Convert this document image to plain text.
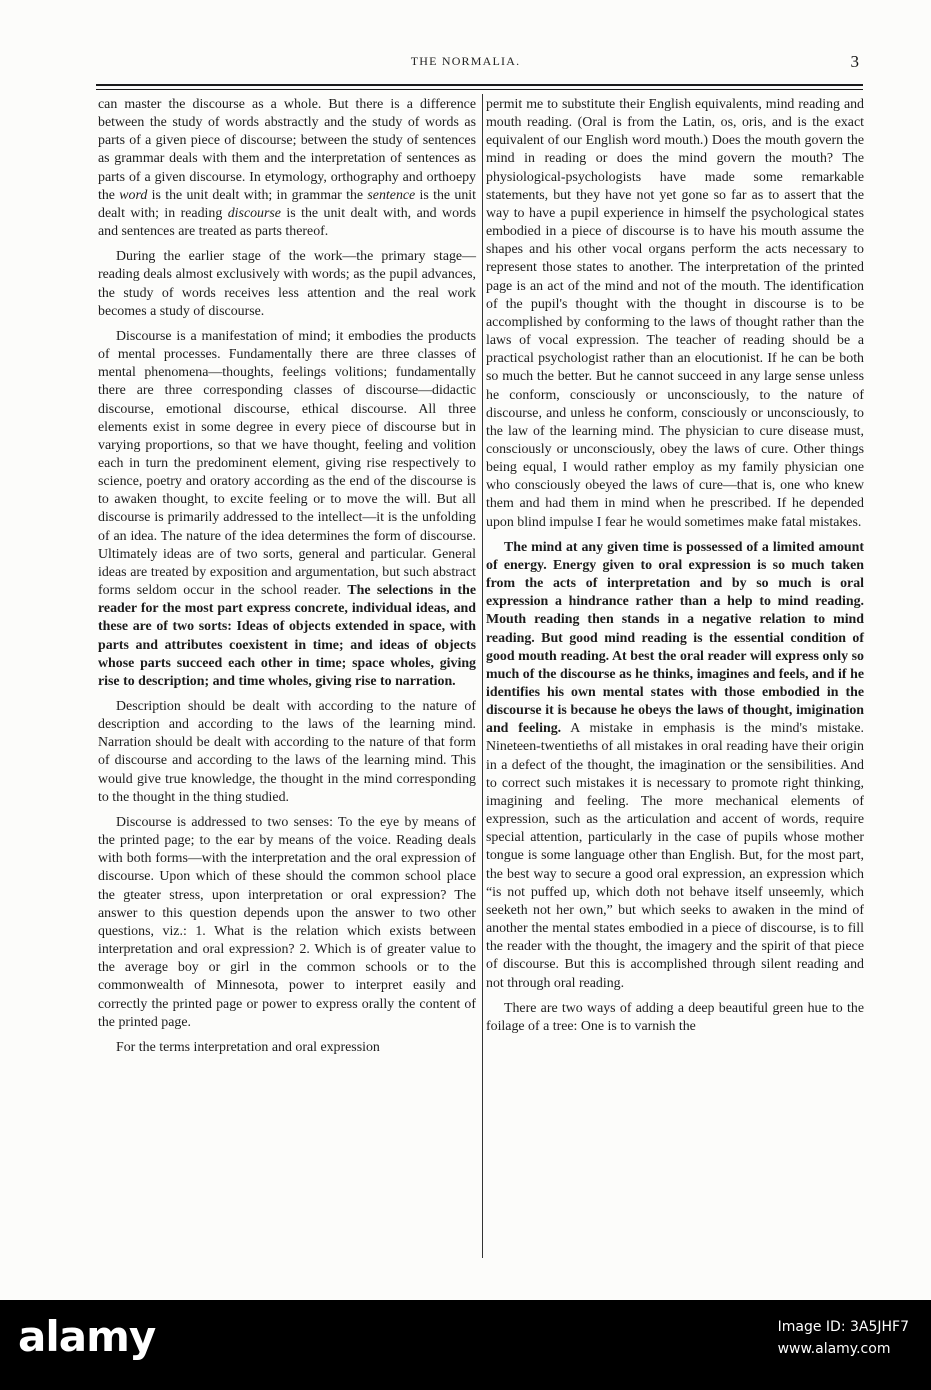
THE NORMALIA.	3

can master the discourse as a whole. But there is a difference between the study of words abstractly and the study of words as parts of a given piece of discourse; between the study of sentences as grammar deals with them and the interpretation of sentences as parts of a given discourse. In etymology, orthography and orthoepy the word is the unit dealt with; in grammar the sentence is the unit dealt with; in reading discourse is the unit dealt with, and words and sentences are treated as parts thereof.

During the earlier stage of the work—the primary stage—reading deals almost exclusively with words; as the pupil advances, the study of words receives less attention and the real work becomes a study of discourse.

Discourse is a manifestation of mind; it embodies the products of mental processes. Fundamentally there are three classes of mental phenomena—thoughts, feelings volitions; fundamentally there are three corresponding classes of discourse—didactic discourse, emotional discourse, ethical discourse. All three elements exist in some degree in every piece of discourse but in varying proportions, so that we have thought, feeling and volition each in turn the predominent element, giving rise respectively to science, poetry and oratory according as the end of the discourse is to awaken thought, to excite feeling or to move the will. But all discourse is primarily addressed to the intellect—it is the unfolding of an idea. The nature of the idea determines the form of discourse. Ultimately ideas are of two sorts, general and particular. General ideas are treated by exposition and argumentation, but such abstract forms seldom occur in the school reader. The selections in the reader for the most part express concrete, individual ideas, and these are of two sorts: Ideas of objects extended in space, with parts and attributes coexistent in time; and ideas of objects whose parts succeed each other in time; space wholes, giving rise to description; and time wholes, giving rise to narration.

Description should be dealt with according to the nature of description and according to the laws of the learning mind. Narration should be dealt with according to the nature of that form of discourse and according to the laws of the learning mind. This would give true knowledge, the thought in the mind corresponding to the thought in the thing studied.

Discourse is addressed to two senses: To the eye by means of the printed page; to the ear by means of the voice. Reading deals with both forms—with the interpretation and the oral expression of discourse. Upon which of these should the common school place the gteater stress, upon interpretation or oral expression? The answer to this question depends upon the answer to two other questions, viz.: 1. What is the relation which exists between interpretation and oral expression? 2. Which is of greater value to the average boy or girl in the common schools or to the commonwealth of Minnesota, power to interpret easily and correctly the printed page or power to express orally the content of the printed page.

For the terms interpretation and oral expression

permit me to substitute their English equivalents, mind reading and mouth reading. (Oral is from the Latin, os, oris, and is the exact equivalent of our English word mouth.) Does the mouth govern the mind in reading or does the mind govern the mouth? The physiological-psychologists have made some remarkable statements, but they have not yet gone so far as to assert that the way to have a pupil experience in himself the psychological states embodied in a piece of discourse is to have his mouth assume the shapes and his other vocal organs perform the acts necessary to represent those states to another. The interpretation of the printed page is an act of the mind and not of the mouth. The identification of the pupil's thought with the thought in discourse is to be accomplished by conforming to the laws of thought rather than the laws of vocal expression. The teacher of reading should be a practical psychologist rather than an elocutionist. If he can be both so much the better. But he cannot succeed in any large sense unless he conform, consciously or unconsciously, to the nature of discourse, and unless he conform, consciously or unconsciously, to the law of the learning mind. The physician to cure disease must, consciously or unconsciously, obey the laws of cure. Other things being equal, I would rather employ as my family physician one who consciously obeyed the laws of cure—that is, one who knew them and had them in mind when he prescribed. If he depended upon blind impulse I fear he would sometimes make fatal mistakes.

The mind at any given time is possessed of a limited amount of energy. Energy given to oral expression is so much taken from the acts of interpretation and by so much is oral expression a hindrance rather than a help to mind reading. Mouth reading then stands in a negative relation to mind reading. But good mind reading is the essential condition of good mouth reading. At best the oral reader will express only so much of the discourse as he thinks, imagines and feels, and if he identifies his own mental states with those embodied in the discourse it is because he obeys the laws of thought, imigination and feeling. A mistake in emphasis is the mind's mistake. Nineteen-twentieths of all mistakes in oral reading have their origin in a defect of the thought, the imagination or the sensibilities. And to correct such mistakes it is necessary to promote right thinking, imagining and feeling. The more mechanical elements of expression, such as the articulation and accent of words, require special attention, particularly in the case of pupils whose mother tongue is some language other than English. But, for the most part, the best way to secure a good oral expression, an expression which “is not puffed up, which doth not behave itself unseemly, which seeketh not her own,” but which seeks to awaken in the mind of another the mental states embodied in a piece of discourse, is to fill the reader with the thought, the imagery and the spirit of that piece of discourse. But this is accomplished through silent reading and not through oral reading.

There are two ways of adding a deep beautiful green hue to the foilage of a tree: One is to varnish the

alamy	Image ID: 3A5JHF7
www.alamy.com
